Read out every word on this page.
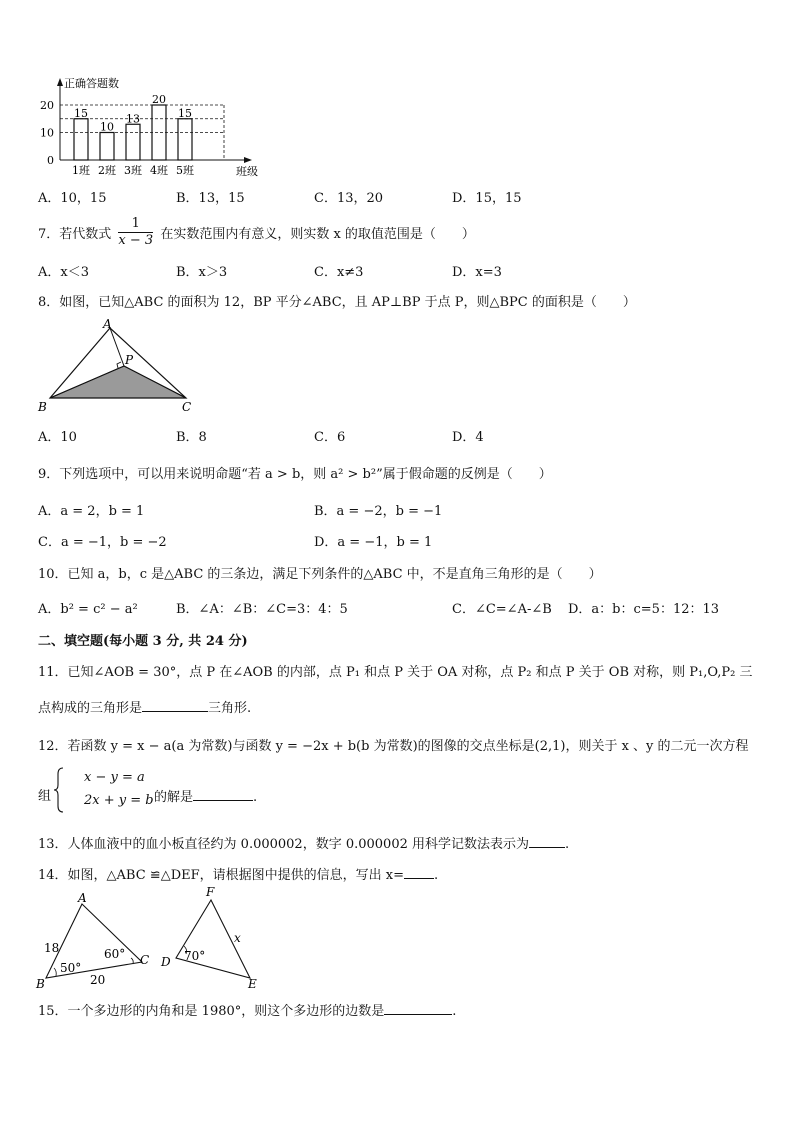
正确答题数
班级
0
10
20
15
1班
10
2班
13
3班
20
4班
15
5班
A．10，15	B．13，15	C．13，20	D．15，15
7．若代数式 $\frac{1}{x - 3}$ 在实数范围内有意义，则实数 x 的取值范围是（　　）
A．x＜3	B．x＞3	C．x≠3	D．x=3
8．如图，已知△ABC 的面积为 12，BP 平分∠ABC，且 AP⊥BP 于点 P，则△BPC 的面积是（　　）
A
P
B	C
A．10	B．8	C．6	D．4
9．下列选项中，可以用来说明命题“若 a > b，则 a² > b²”属于假命题的反例是（　　）
A．a = 2，b = 1	B．a = −2，b = −1
C．a = −1，b = −2	D．a = −1，b = 1
10．已知 a，b，c 是△ABC 的三条边，满足下列条件的△ABC 中，不是直角三角形的是（　　）
A．b² = c² − a²	B．∠A：∠B：∠C=3：4：5	C．∠C=∠A-∠B D．a：b：c=5：12：13
二、填空题(每小题 3 分, 共 24 分)
11．已知∠AOB = 30°，点 P 在∠AOB 的内部，点 P₁ 和点 P 关于 OA 对称，点 P₂ 和点 P 关于 OB 对称，则 P₁,O,P₂ 三
点构成的三角形是	三角形.
12．若函数 y = x − a(a 为常数)与函数 y = −2x + b(b 为常数)的图像的交点坐标是(2,1)，则关于 x 、y 的二元一次方程
组
x − y = a
2x + y = b 的解是	.
13．人体血液中的血小板直径约为 0.000002，数字 0.000002 用科学记数法表示为	.
14．如图，△ABC ≌△DEF，请根据图中提供的信息，写出 x= .
A
B
C
18
20
50°
60°
D
E
F
70°
x
15．一个多边形的内角和是 1980°，则这个多边形的边数是	.
